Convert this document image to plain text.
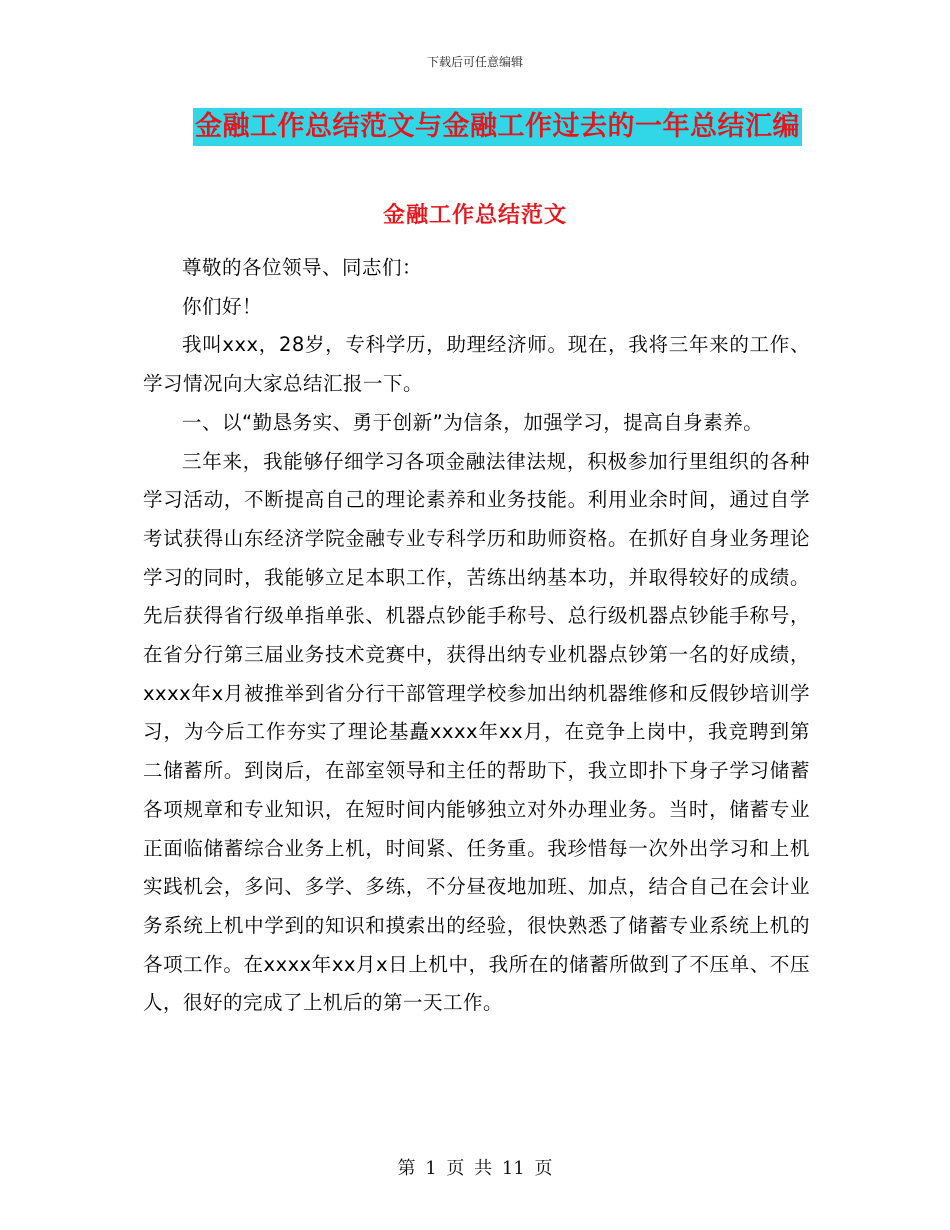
下载后可任意编辑
金融工作总结范文与金融工作过去的一年总结汇编
金融工作总结范文

尊敬的各位领导、同志们：

你们好！

我叫xxx，28岁，专科学历，助理经济师。现在，我将三年来的工作、学习情况向大家总结汇报一下。

一、以“勤恳务实、勇于创新”为信条，加强学习，提高自身素养。

三年来，我能够仔细学习各项金融法律法规，积极参加行里组织的各种学习活动，不断提高自己的理论素养和业务技能。利用业余时间，通过自学考试获得山东经济学院金融专业专科学历和助师资格。在抓好自身业务理论学习的同时，我能够立足本职工作，苦练出纳基本功，并取得较好的成绩。先后获得省行级单指单张、机器点钞能手称号、总行级机器点钞能手称号，在省分行第三届业务技术竞赛中，获得出纳专业机器点钞第一名的好成绩，xxxx年x月被推举到省分行干部管理学校参加出纳机器维修和反假钞培训学习，为今后工作夯实了理论基矗xxxx年xx月，在竞争上岗中，我竞聘到第二储蓄所。到岗后，在部室领导和主任的帮助下，我立即扑下身子学习储蓄各项规章和专业知识，在短时间内能够独立对外办理业务。当时，储蓄专业正面临储蓄综合业务上机，时间紧、任务重。我珍惜每一次外出学习和上机实践机会，多问、多学、多练，不分昼夜地加班、加点，结合自己在会计业务系统上机中学到的知识和摸索出的经验，很快熟悉了储蓄专业系统上机的各项工作。在xxxx年xx月x日上机中，我所在的储蓄所做到了不压单、不压人，很好的完成了上机后的第一天工作。

第 1 页 共 11 页
